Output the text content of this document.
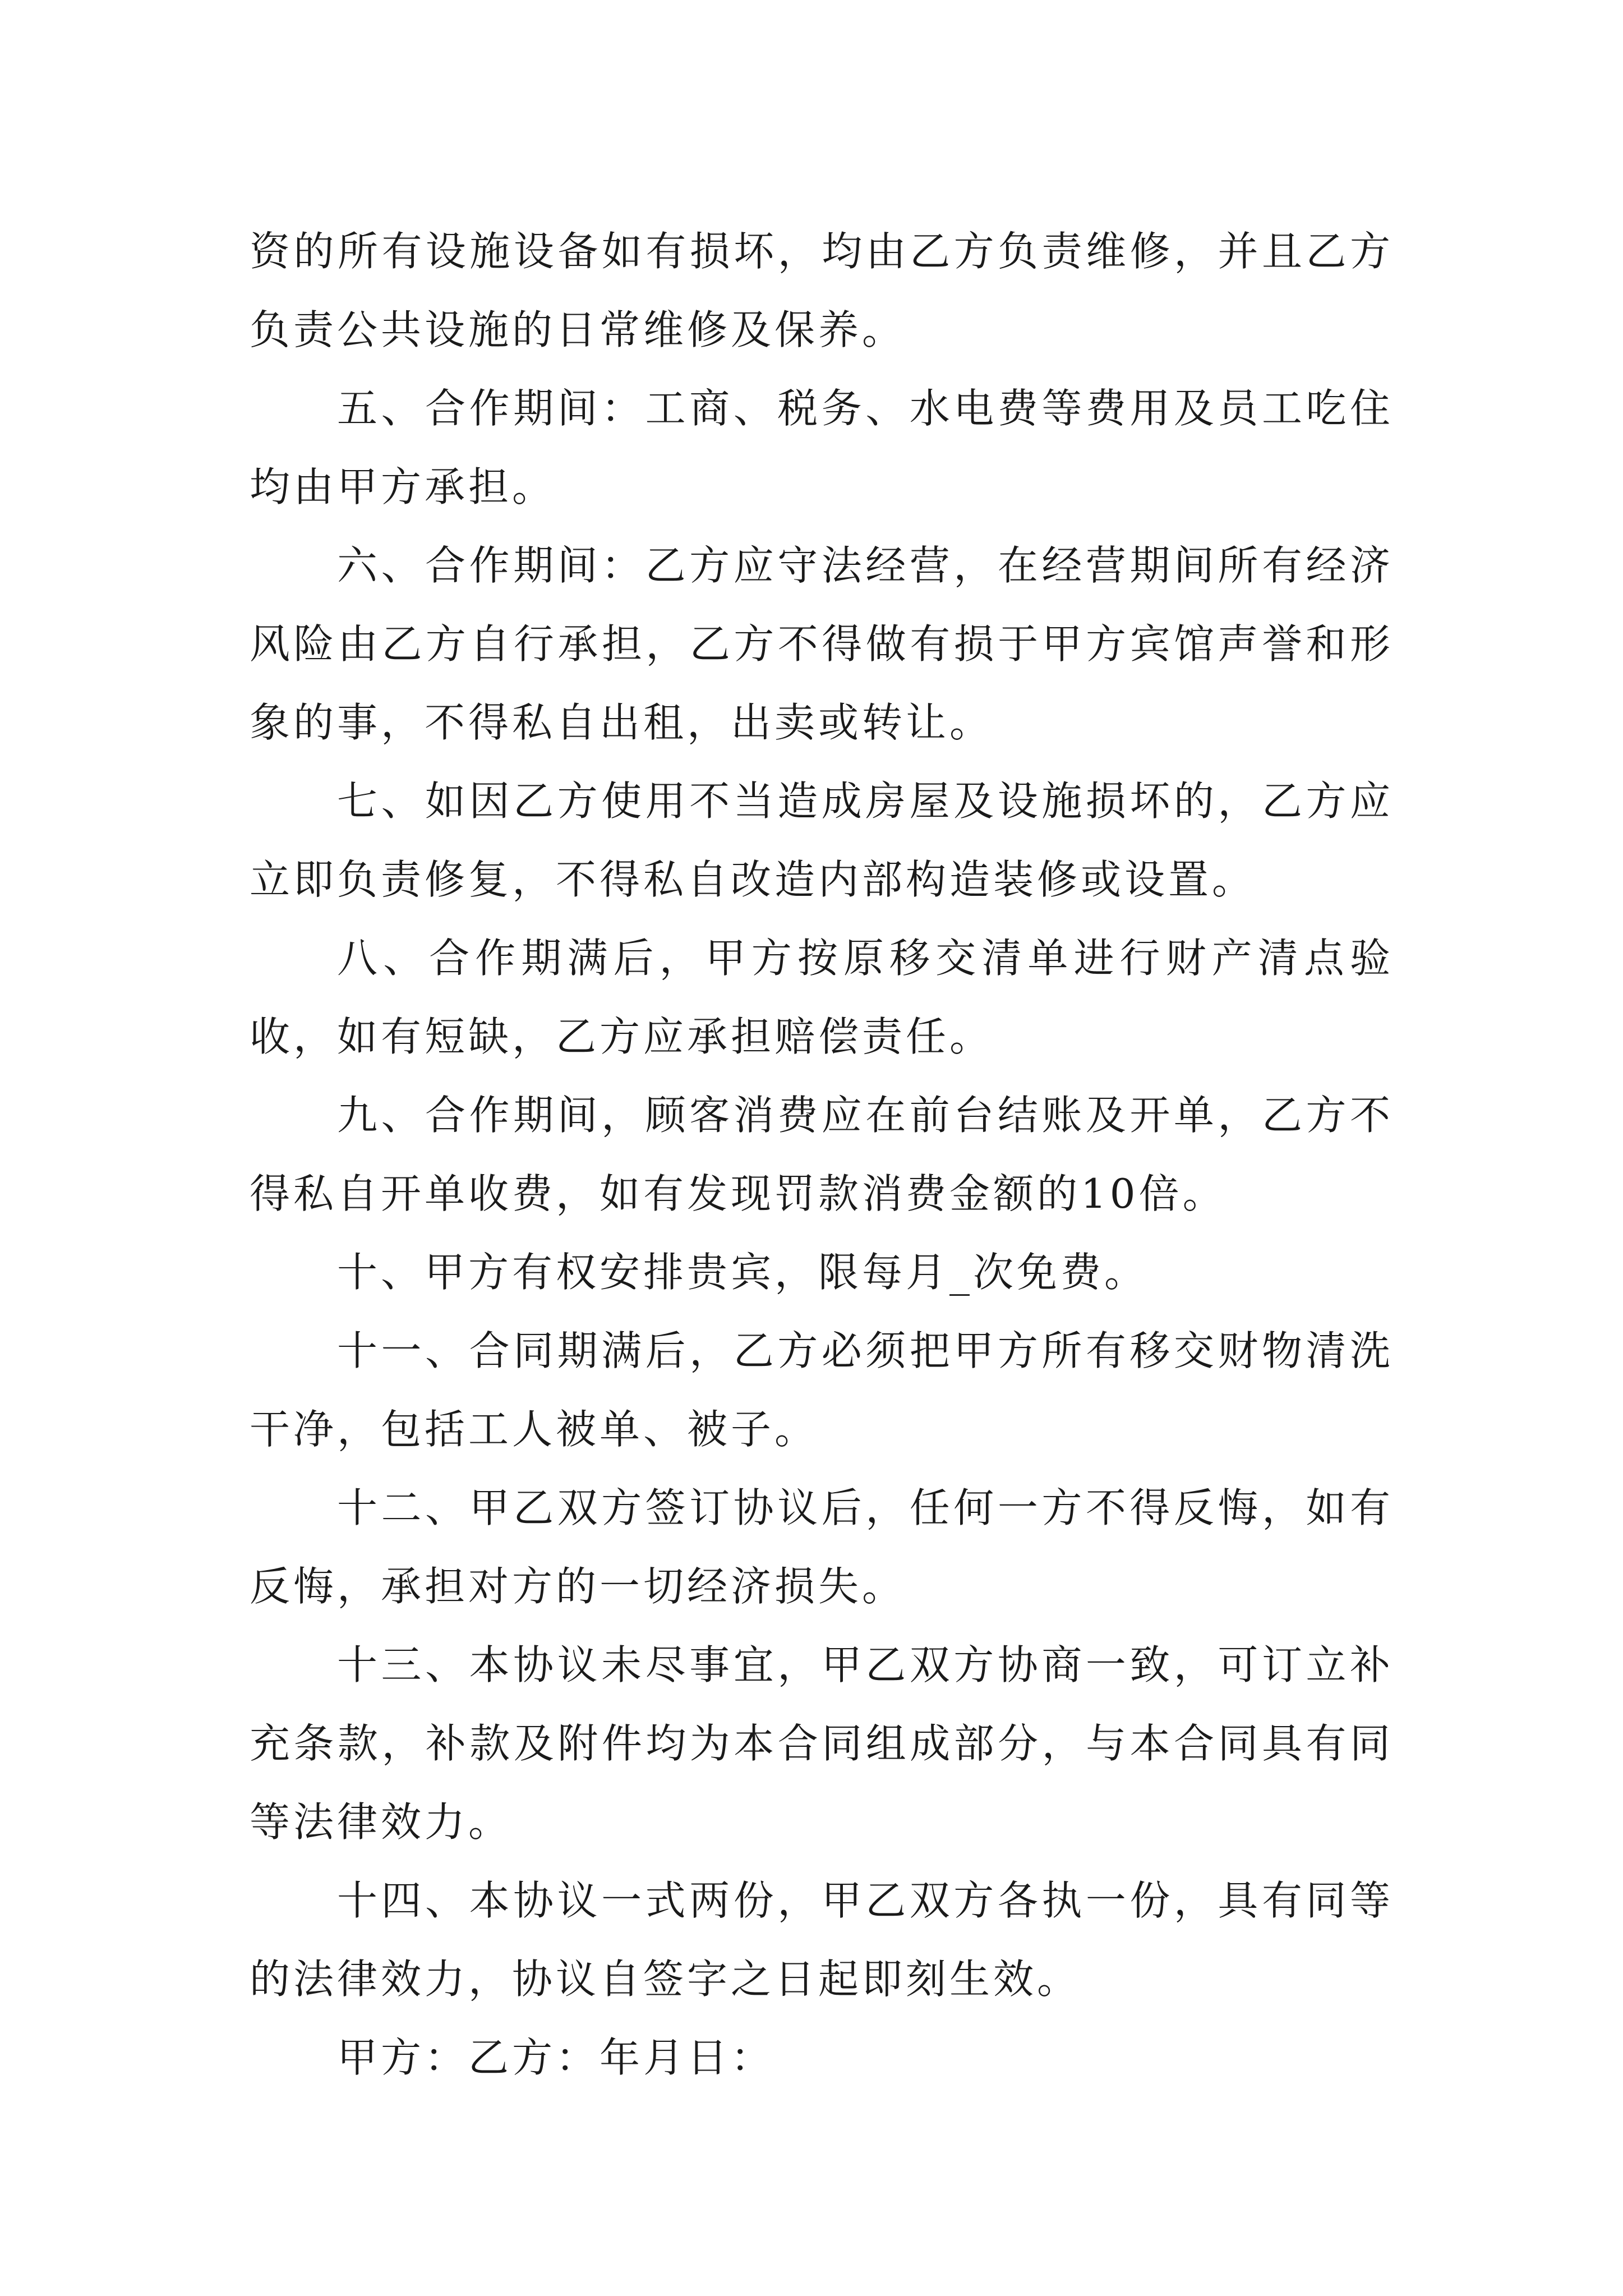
资的所有设施设备如有损坏，均由乙方负责维修，并且乙方负责公共设施的日常维修及保养。

五、合作期间：工商、税务、水电费等费用及员工吃住均由甲方承担。

六、合作期间：乙方应守法经营，在经营期间所有经济风险由乙方自行承担，乙方不得做有损于甲方宾馆声誉和形象的事，不得私自出租，出卖或转让。

七、如因乙方使用不当造成房屋及设施损坏的，乙方应立即负责修复，不得私自改造内部构造装修或设置。

八、合作期满后，甲方按原移交清单进行财产清点验收，如有短缺，乙方应承担赔偿责任。

九、合作期间，顾客消费应在前台结账及开单，乙方不得私自开单收费，如有发现罚款消费金额的10倍。

十、甲方有权安排贵宾，限每月_次免费。

十一、合同期满后，乙方必须把甲方所有移交财物清洗干净，包括工人被单、被子。

十二、甲乙双方签订协议后，任何一方不得反悔，如有反悔，承担对方的一切经济损失。

十三、本协议未尽事宜，甲乙双方协商一致，可订立补充条款，补款及附件均为本合同组成部分，与本合同具有同等法律效力。

十四、本协议一式两份，甲乙双方各执一份，具有同等的法律效力，协议自签字之日起即刻生效。

甲方：乙方：年月日：
